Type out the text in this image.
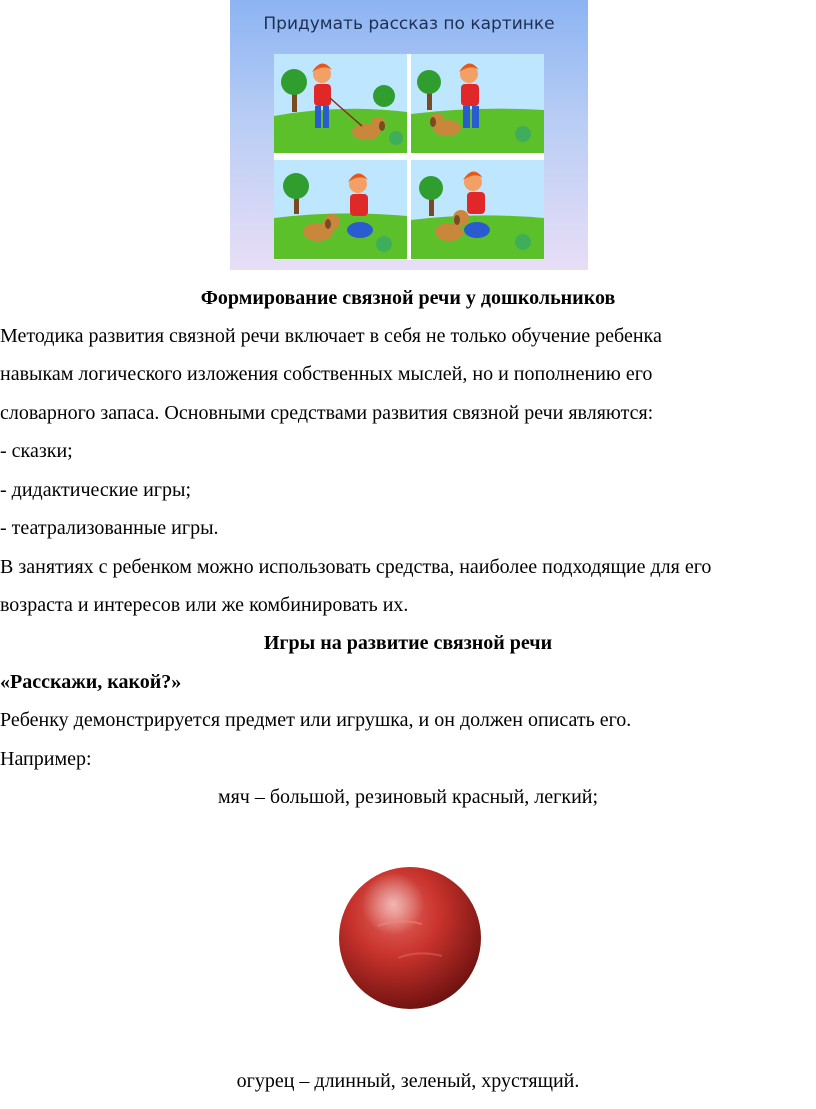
Придумать рассказ по картинке
Формирование связной речи у дошкольников
Методика развития связной речи включает в себя не только обучение ребенка
навыкам логического изложения собственных мыслей, но и пополнению его
словарного запаса. Основными средствами развития связной речи являются:
- сказки;
- дидактические игры;
- театрализованные игры.
В занятиях с ребенком можно использовать средства, наиболее подходящие для его
возраста и интересов или же комбинировать их.
Игры на развитие связной речи
«Расскажи, какой?»
Ребенку демонстрируется предмет или игрушка, и он должен описать его.
Например:
мяч – большой, резиновый красный, легкий;
огурец – длинный, зеленый, хрустящий.
